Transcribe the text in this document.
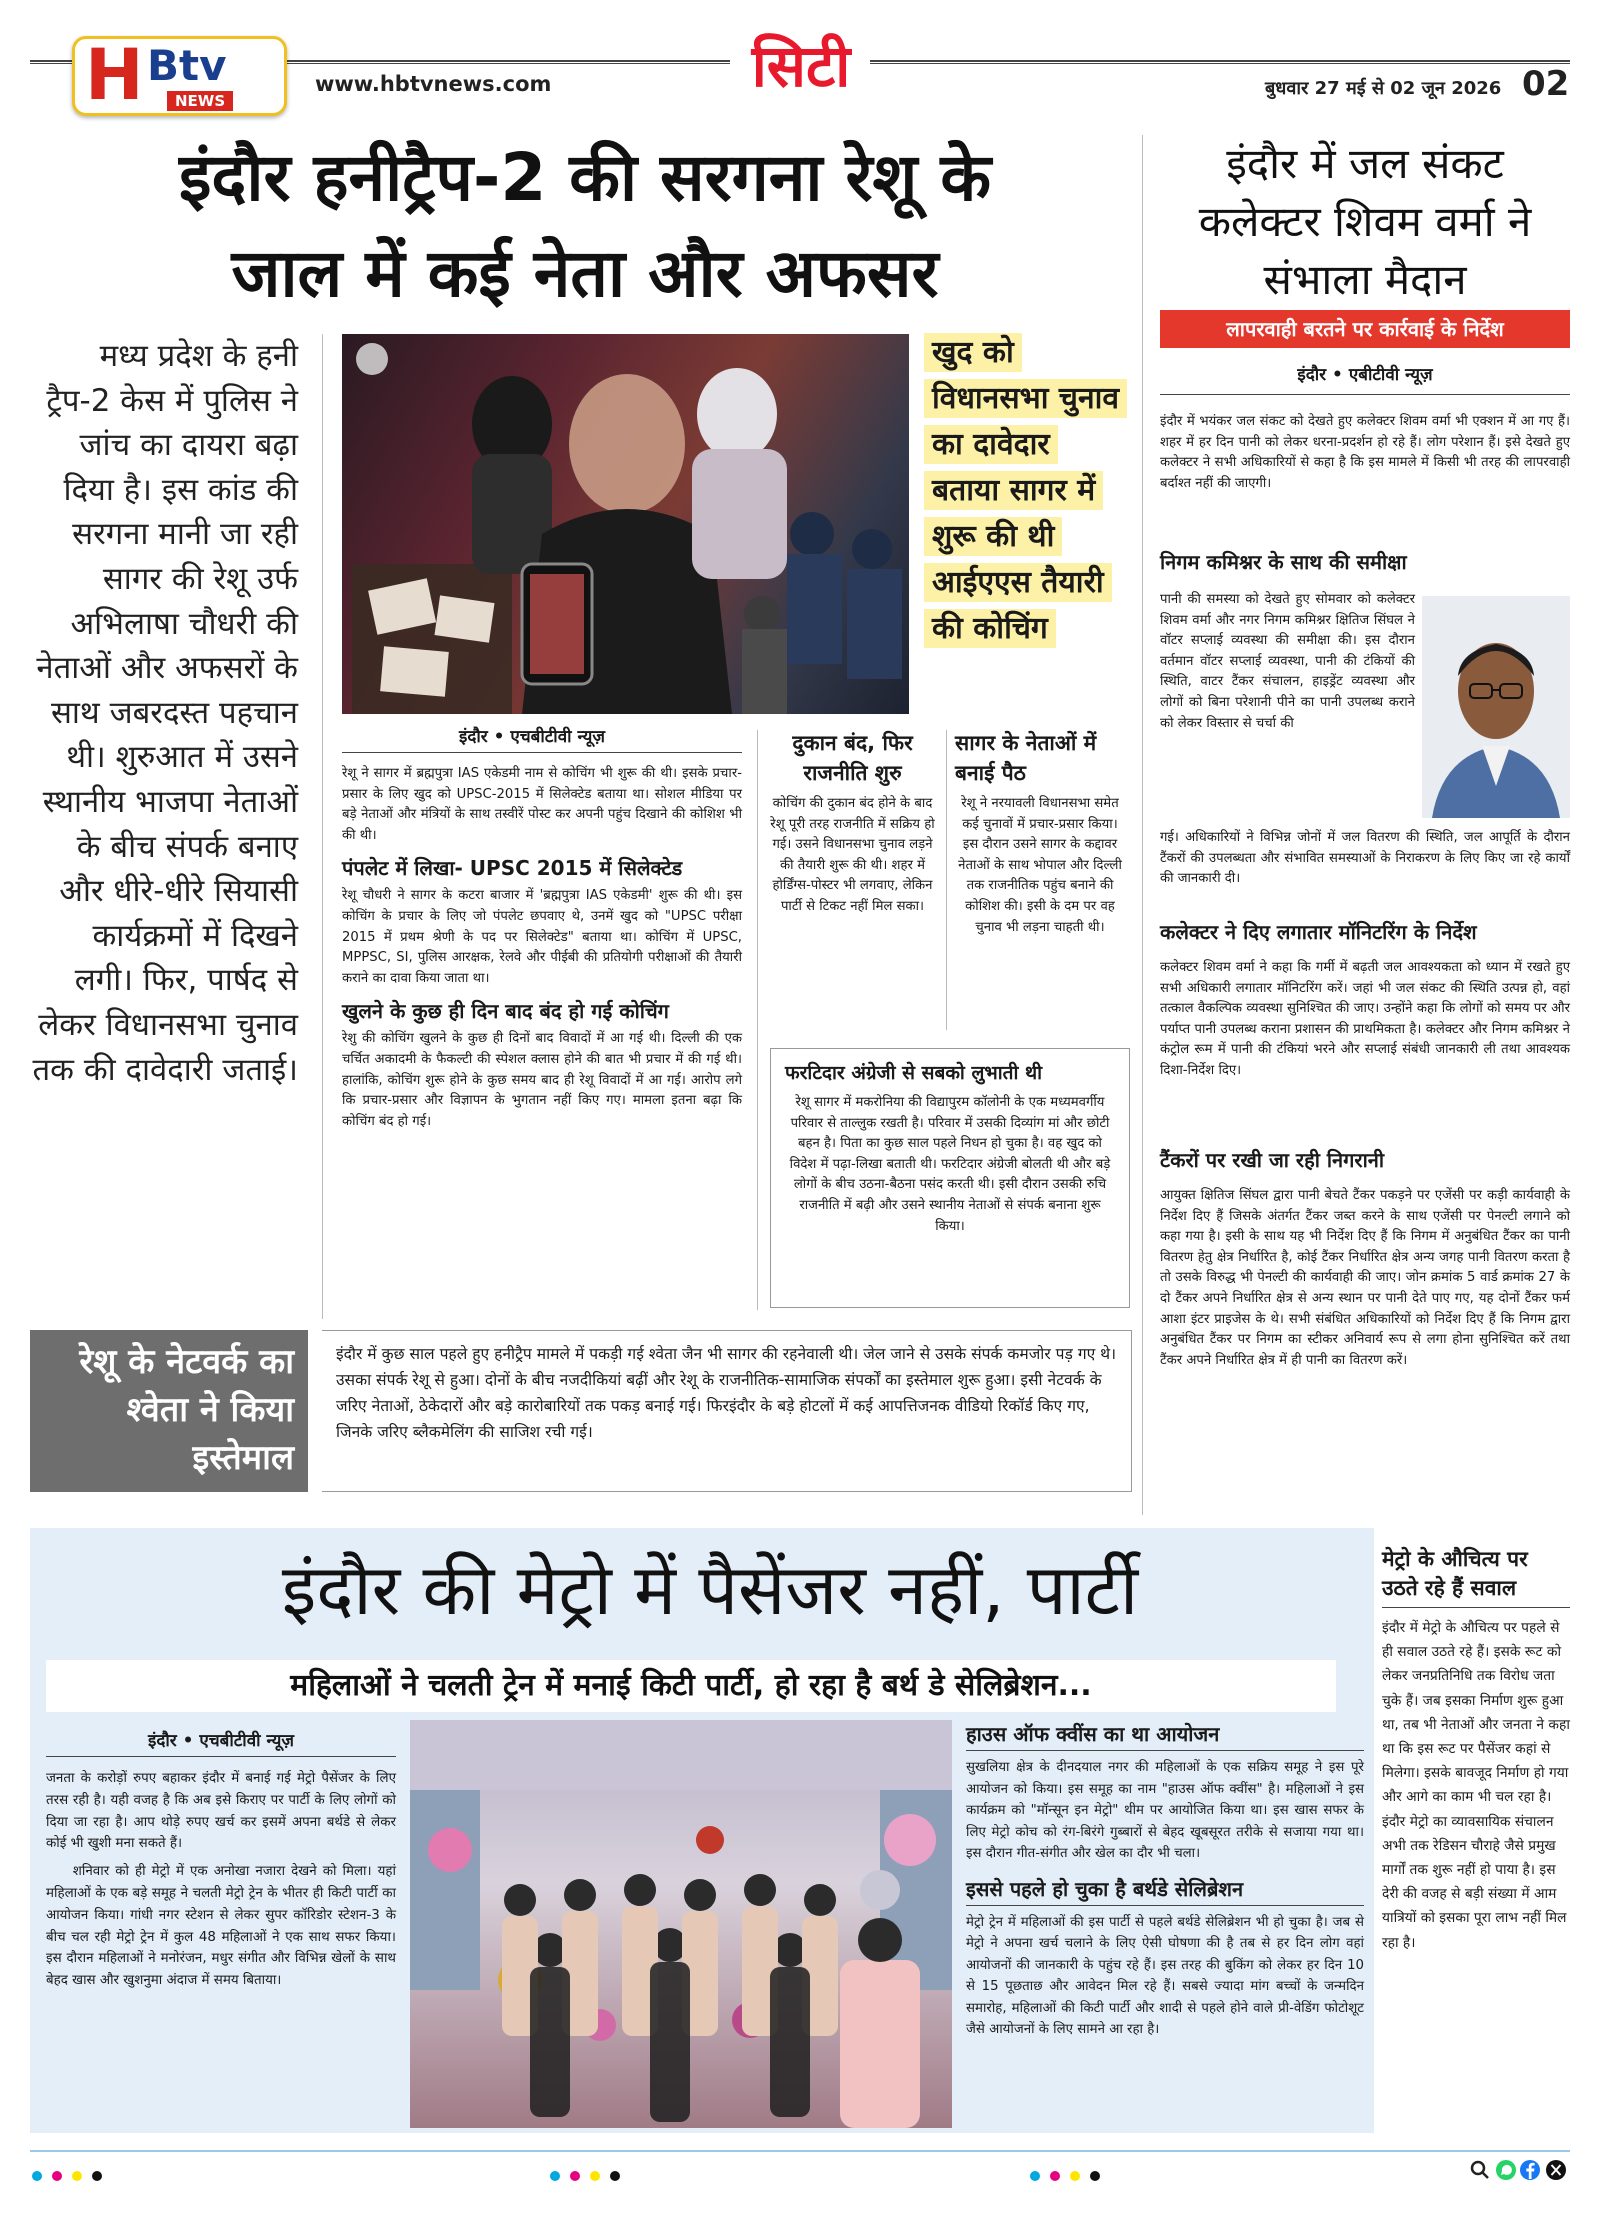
H Btv
NEWS
www.hbtvnews.com	सिटी	बुधवार 27 मई से 02 जून 2026 02
इंदौर हनीट्रैप-2 की सरगना रेशू के
जाल में कई नेता और अफसर
मध्य प्रदेश के हनी ट्रैप-2 केस में पुलिस ने जांच का दायरा बढ़ा दिया है। इस कांड की सरगना मानी जा रही सागर की रेशू उर्फ अभिलाषा चौधरी की नेताओं और अफसरों के साथ जबरदस्त पहचान थी। शुरुआत में उसने स्थानीय भाजपा नेताओं के बीच संपर्क बनाए और धीरे-धीरे सियासी कार्यक्रमों में दिखने लगी। फिर, पार्षद से लेकर विधानसभा चुनाव तक की दावेदारी जताई।
खुद को विधानसभा चुनाव का दावेदार बताया सागर में शुरू की थी आईएएस तैयारी की कोचिंग
इंदौर • एचबीटीवी न्यूज़

रेशू ने सागर में ब्रह्मपुत्रा IAS एकेडमी नाम से कोचिंग भी शुरू की थी। इसके प्रचार-प्रसार के लिए खुद को UPSC-2015 में सिलेक्टेड बताया था। सोशल मीडिया पर बड़े नेताओं और मंत्रियों के साथ तस्वीरें पोस्ट कर अपनी पहुंच दिखाने की कोशिश भी की थी।

पंपलेट में लिखा- UPSC 2015 में सिलेक्टेड

रेशू चौधरी ने सागर के कटरा बाजार में 'ब्रह्मपुत्रा IAS एकेडमी' शुरू की थी। इस कोचिंग के प्रचार के लिए जो पंपलेट छपवाए थे, उनमें खुद को "UPSC परीक्षा 2015 में प्रथम श्रेणी के पद पर सिलेक्टेड" बताया था। कोचिंग में UPSC, MPPSC, SI, पुलिस आरक्षक, रेलवे और पीईबी की प्रतियोगी परीक्षाओं की तैयारी कराने का दावा किया जाता था।

खुलने के कुछ ही दिन बाद बंद हो गई कोचिंग

रेशु की कोचिंग खुलने के कुछ ही दिनों बाद विवादों में आ गई थी। दिल्ली की एक चर्चित अकादमी के फैकल्टी की स्पेशल क्लास होने की बात भी प्रचार में की गई थी। हालांकि, कोचिंग शुरू होने के कुछ समय बाद ही रेशू विवादों में आ गई। आरोप लगे कि प्रचार-प्रसार और विज्ञापन के भुगतान नहीं किए गए। मामला इतना बढ़ा कि कोचिंग बंद हो गई।

दुकान बंद, फिर राजनीति शुरु
कोचिंग की दुकान बंद होने के बाद रेशू पूरी तरह राजनीति में सक्रिय हो गई। उसने विधानसभा चुनाव लड़ने की तैयारी शुरू की थी। शहर में होर्डिंग्स-पोस्टर भी लगवाए, लेकिन पार्टी से टिकट नहीं मिल सका।
सागर के नेताओं में बनाई पैठ
रेशू ने नरयावली विधानसभा समेत कई चुनावों में प्रचार-प्रसार किया। इस दौरान उसने सागर के कद्दावर नेताओं के साथ भोपाल और दिल्ली तक राजनीतिक पहुंच बनाने की कोशिश की। इसी के दम पर वह चुनाव भी लड़ना चाहती थी।
फरटिदार अंग्रेजी से सबको लुभाती थी
रेशू सागर में मकरोनिया की विद्यापुरम कॉलोनी के एक मध्यमवर्गीय परिवार से ताल्लुक रखती है। परिवार में उसकी दिव्यांग मां और छोटी बहन है। पिता का कुछ साल पहले निधन हो चुका है। वह खुद को विदेश में पढ़ा-लिखा बताती थी। फरटिदार अंग्रेजी बोलती थी और बड़े लोगों के बीच उठना-बैठना पसंद करती थी। इसी दौरान उसकी रुचि राजनीति में बढ़ी और उसने स्थानीय नेताओं से संपर्क बनाना शुरू किया।
रेशू के नेटवर्क का श्वेता ने किया इस्तेमाल
इंदौर में कुछ साल पहले हुए हनीट्रैप मामले में पकड़ी गई श्वेता जैन भी सागर की रहनेवाली थी। जेल जाने से उसके संपर्क कमजोर पड़ गए थे। उसका संपर्क रेशू से हुआ। दोनों के बीच नजदीकियां बढ़ीं और रेशू के राजनीतिक-सामाजिक संपर्कों का इस्तेमाल शुरू हुआ। इसी नेटवर्क के जरिए नेताओं, ठेकेदारों और बड़े कारोबारियों तक पकड़ बनाई गई। फिरइंदौर के बड़े होटलों में कई आपत्तिजनक वीडियो रिकॉर्ड किए गए, जिनके जरिए ब्लैकमेलिंग की साजिश रची गई।
इंदौर में जल संकट कलेक्टर शिवम वर्मा ने संभाला मैदान
लापरवाही बरतने पर कार्रवाई के निर्देश
इंदौर • एबीटीवी न्यूज़
इंदौर में भयंकर जल संकट को देखते हुए कलेक्टर शिवम वर्मा भी एक्शन में आ गए हैं। शहर में हर दिन पानी को लेकर धरना-प्रदर्शन हो रहे हैं। लोग परेशान हैं। इसे देखते हुए कलेक्टर ने सभी अधिकारियों से कहा है कि इस मामले में किसी भी तरह की लापरवाही बर्दाश्त नहीं की जाएगी।
निगम कमिश्नर के साथ की समीक्षा
पानी की समस्या को देखते हुए सोमवार को कलेक्टर शिवम वर्मा और नगर निगम कमिश्नर क्षितिज सिंघल ने वॉटर सप्लाई व्यवस्था की समीक्षा की। इस दौरान वर्तमान वॉटर सप्लाई व्यवस्था, पानी की टंकियों की स्थिति, वाटर टैंकर संचालन, हाइड्रेंट व्यवस्था और लोगों को बिना परेशानी पीने का पानी उपलब्ध कराने को लेकर विस्तार से चर्चा की
गई। अधिकारियों ने विभिन्न जोनों में जल वितरण की स्थिति, जल आपूर्ति के दौरान टैंकरों की उपलब्धता और संभावित समस्याओं के निराकरण के लिए किए जा रहे कार्यों की जानकारी दी।
कलेक्टर ने दिए लगातार मॉनिटरिंग के निर्देश
कलेक्टर शिवम वर्मा ने कहा कि गर्मी में बढ़ती जल आवश्यकता को ध्यान में रखते हुए सभी अधिकारी लगातार मॉनिटरिंग करें। जहां भी जल संकट की स्थिति उत्पन्न हो, वहां तत्काल वैकल्पिक व्यवस्था सुनिश्चित की जाए। उन्होंने कहा कि लोगों को समय पर और पर्याप्त पानी उपलब्ध कराना प्रशासन की प्राथमिकता है। कलेक्टर और निगम कमिश्नर ने कंट्रोल रूम में पानी की टंकियां भरने और सप्लाई संबंधी जानकारी ली तथा आवश्यक दिशा-निर्देश दिए।
टैंकरों पर रखी जा रही निगरानी
आयुक्त क्षितिज सिंघल द्वारा पानी बेचते टैंकर पकड़ने पर एजेंसी पर कड़ी कार्यवाही के निर्देश दिए हैं जिसके अंतर्गत टैंकर जब्त करने के साथ एजेंसी पर पेनल्टी लगाने को कहा गया है। इसी के साथ यह भी निर्देश दिए हैं कि निगम में अनुबंधित टैंकर का पानी वितरण हेतु क्षेत्र निर्धारित है, कोई टैंकर निर्धारित क्षेत्र अन्य जगह पानी वितरण करता है तो उसके विरुद्ध भी पेनल्टी की कार्यवाही की जाए। जोन क्रमांक 5 वार्ड क्रमांक 27 के दो टैंकर अपने निर्धारित क्षेत्र से अन्य स्थान पर पानी देते पाए गए, यह दोनों टैंकर फर्म आशा इंटर प्राइजेस के थे। सभी संबंधित अधिकारियों को निर्देश दिए हैं कि निगम द्वारा अनुबंधित टैंकर पर निगम का स्टीकर अनिवार्य रूप से लगा होना सुनिश्चित करें तथा टैंकर अपने निर्धारित क्षेत्र में ही पानी का वितरण करें।
इंदौर की मेट्रो में पैसेंजर नहीं, पार्टी
महिलाओं ने चलती ट्रेन में मनाई किटी पार्टी, हो रहा है बर्थ डे सेलिब्रेशन...
इंदौर • एचबीटीवी न्यूज़

जनता के करोड़ों रुपए बहाकर इंदौर में बनाई गई मेट्रो पैसेंजर के लिए तरस रही है। यही वजह है कि अब इसे किराए पर पार्टी के लिए लोगों को दिया जा रहा है। आप थोड़े रुपए खर्च कर इसमें अपना बर्थडे से लेकर कोई भी खुशी मना सकते हैं।

शनिवार को ही मेट्रो में एक अनोखा नजारा देखने को मिला। यहां महिलाओं के एक बड़े समूह ने चलती मेट्रो ट्रेन के भीतर ही किटी पार्टी का आयोजन किया। गांधी नगर स्टेशन से लेकर सुपर कॉरिडोर स्टेशन-3 के बीच चल रही मेट्रो ट्रेन में कुल 48 महिलाओं ने एक साथ सफर किया। इस दौरान महिलाओं ने मनोरंजन, मधुर संगीत और विभिन्न खेलों के साथ बेहद खास और खुशनुमा अंदाज में समय बिताया।

हाउस ऑफ क्वींस का था आयोजन
सुखलिया क्षेत्र के दीनदयाल नगर की महिलाओं के एक सक्रिय समूह ने इस पूरे आयोजन को किया। इस समूह का नाम "हाउस ऑफ क्वींस" है। महिलाओं ने इस कार्यक्रम को "मॉन्सून इन मेट्रो" थीम पर आयोजित किया था। इस खास सफर के लिए मेट्रो कोच को रंग-बिरंगे गुब्बारों से बेहद खूबसूरत तरीके से सजाया गया था। इस दौरान गीत-संगीत और खेल का दौर भी चला।
इससे पहले हो चुका है बर्थडे सेलिब्रेशन
मेट्रो ट्रेन में महिलाओं की इस पार्टी से पहले बर्थडे सेलिब्रेशन भी हो चुका है। जब से मेट्रो ने अपना खर्च चलाने के लिए ऐसी घोषणा की है तब से हर दिन लोग वहां आयोजनों की जानकारी के पहुंच रहे हैं। इस तरह की बुकिंग को लेकर हर दिन 10 से 15 पूछताछ और आवेदन मिल रहे हैं। सबसे ज्यादा मांग बच्चों के जन्मदिन समारोह, महिलाओं की किटी पार्टी और शादी से पहले होने वाले प्री-वेडिंग फोटोशूट जैसे आयोजनों के लिए सामने आ रहा है।
मेट्रो के औचित्य पर उठते रहे हैं सवाल
इंदौर में मेट्रो के औचित्य पर पहले से ही सवाल उठते रहे हैं। इसके रूट को लेकर जनप्रतिनिधि तक विरोध जता चुके हैं। जब इसका निर्माण शुरू हुआ था, तब भी नेताओं और जनता ने कहा था कि इस रूट पर पैसेंजर कहां से मिलेगा। इसके बावजूद निर्माण हो गया और आगे का काम भी चल रहा है। इंदौर मेट्रो का व्यावसायिक संचालन अभी तक रेडिसन चौराहे जैसे प्रमुख मार्गों तक शुरू नहीं हो पाया है। इस देरी की वजह से बड़ी संख्या में आम यात्रियों को इसका पूरा लाभ नहीं मिल रहा है।
